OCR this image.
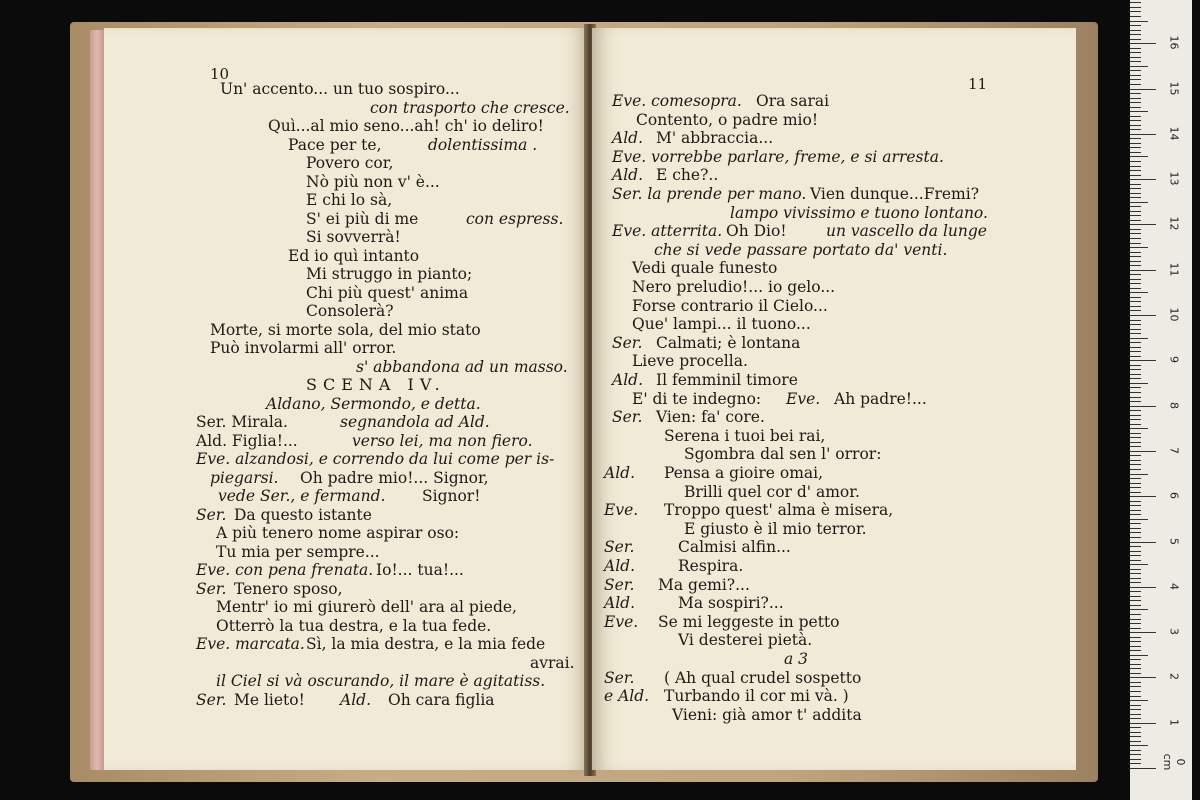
10
Un' accento... un tuo sospiro...
con trasporto che cresce.
Quì...al mio seno...ah! ch' io deliro!
Pace per te,	dolentissima .
Povero cor,
Nò più non v' è...
E chi lo sà,
S' ei più di me	con espress.
Si sovverrà!
Ed io quì intanto
Mi struggo in pianto;
Chi più quest' anima
Consolerà?
Morte, si morte sola, del mio stato
Può involarmi all' orror.
s' abbandona ad un masso.
SCENA IV.
Aldano, Sermondo, e detta.
Ser. Mirala.	segnandola ad Ald.
Ald. Figlia!...	verso lei, ma non fiero.
Eve. alzandosi, e correndo da lui come per is-
piegarsi. Oh padre mio!... Signor,
vede Ser., e fermand. Signor!
Ser. Da questo istante
A più tenero nome aspirar oso:
Tu mia per sempre...
Eve. con pena frenata. Io!... tua!...
Ser. Tenero sposo,
Mentr' io mi giurerò dell' ara al piede,
Otterrò la tua destra, e la tua fede.
Eve. marcata. Sì, la mia destra, e la mia fede
avrai.
il Ciel si và oscurando, il mare è agitatiss.
Ser. Me lieto! Ald. Oh cara figlia
11
Eve. comesopra. Ora sarai
Contento, o padre mio!
Ald. M' abbraccia...
Eve. vorrebbe parlare, freme, e si arresta.
Ald. E che?..
Ser. la prende per mano. Vien dunque...Fremi?
lampo vivissimo e tuono lontano.
Eve. atterrita. Oh Dio!	un vascello da lunge
che si vede passare portato da' venti.
Vedi quale funesto
Nero preludio!... io gelo...
Forse contrario il Cielo...
Que' lampi... il tuono...
Ser. Calmati; è lontana
Lieve procella.
Ald. Il femminil timore
E' di te indegno: Eve. Ah padre!...
Ser. Vien: fa' core.
Serena i tuoi bei rai,
Sgombra dal sen l' orror:
Ald. Pensa a gioire omai,
Brilli quel cor d' amor.
Eve. Troppo quest' alma è misera,
E giusto è il mio terror.
Ser.	Calmisi alfin...
Ald.	Respira.
Ser. Ma gemi?...
Ald.	Ma sospiri?...
Eve. Se mi leggeste in petto
Vi desterei pietà.
a 3
Ser. ( Ah qual crudel sospetto
e Ald. Turbando il cor mi và. )
Vieni: già amor t' addita
0 cm
1
2
3
4
5
6
7
8
9
10
11
12
13
14
15
16
